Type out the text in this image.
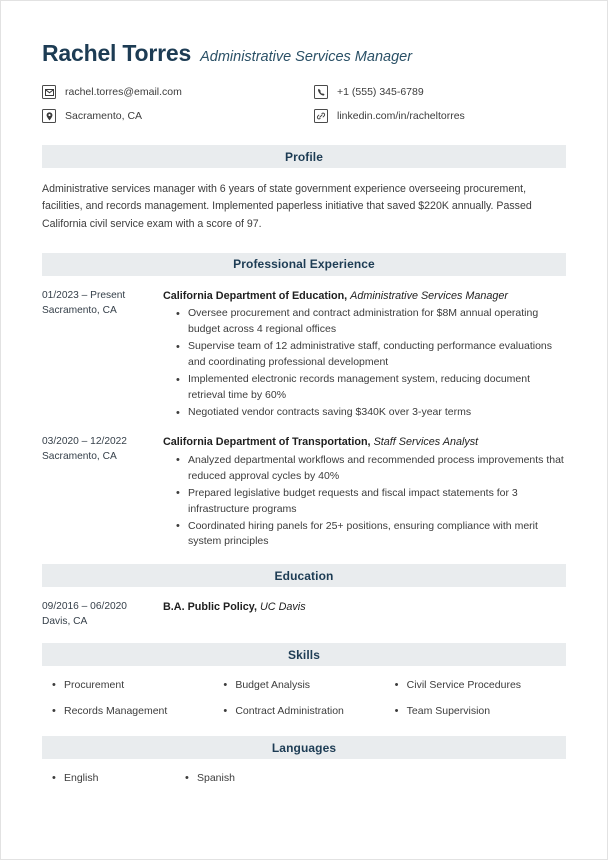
Rachel Torres Administrative Services Manager
rachel.torres@email.com	+1 (555) 345-6789
Sacramento, CA	linkedin.com/in/racheltorres
Profile

Administrative services manager with 6 years of state government experience overseeing procurement, facilities, and records management. Implemented paperless initiative that saved $220K annually. Passed California civil service exam with a score of 97.

Professional Experience
01/2023 – Present
Sacramento, CA
California Department of Education, Administrative Services Manager
• Oversee procurement and contract administration for $8M annual operating budget across 4 regional offices
• Supervise team of 12 administrative staff, conducting performance evaluations and coordinating professional development
• Implemented electronic records management system, reducing document retrieval time by 60%
• Negotiated vendor contracts saving $340K over 3-year terms
03/2020 – 12/2022
Sacramento, CA
California Department of Transportation, Staff Services Analyst
• Analyzed departmental workflows and recommended process improvements that reduced approval cycles by 40%
• Prepared legislative budget requests and fiscal impact statements for 3 infrastructure programs
• Coordinated hiring panels for 25+ positions, ensuring compliance with merit system principles
Education
09/2016 – 06/2020
Davis, CA
B.A. Public Policy, UC Davis
Skills
• Procurement	• Budget Analysis	• Civil Service Procedures
• Records Management	• Contract Administration	• Team Supervision
Languages
• English	• Spanish
